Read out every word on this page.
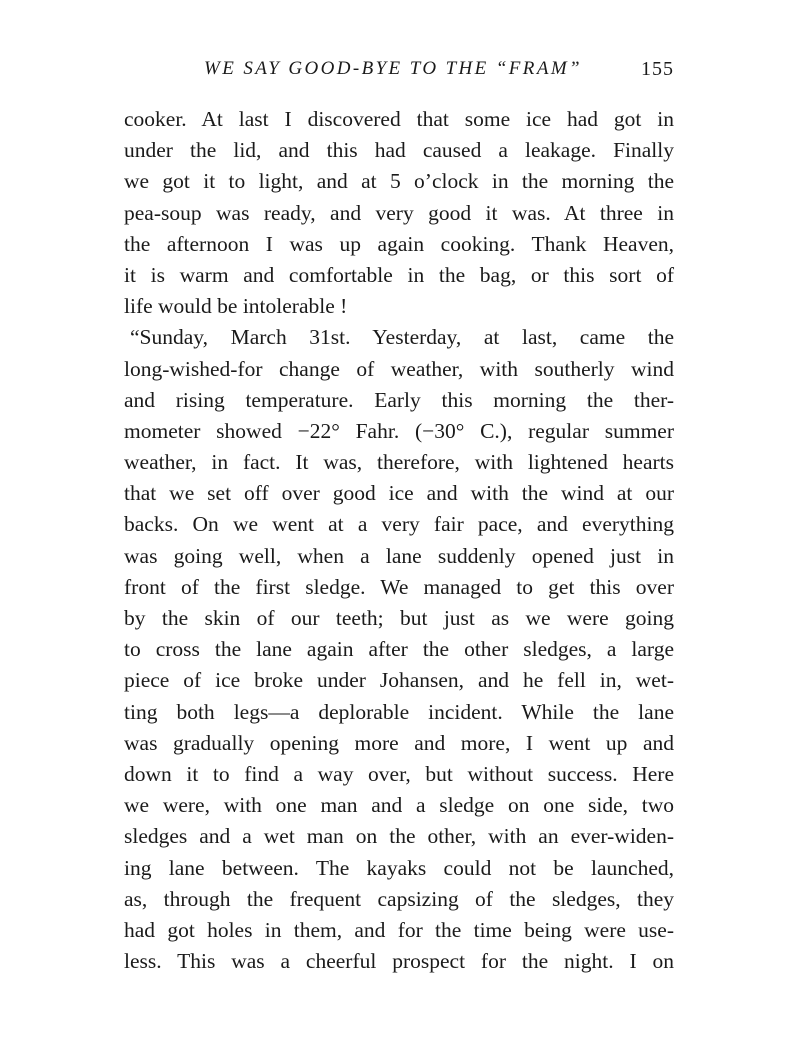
WE SAY GOOD-BYE TO THE “FRAM”	155
cooker. At last I discovered that some ice had got in
under the lid, and this had caused a leakage. Finally
we got it to light, and at 5 o’clock in the morning the
pea-soup was ready, and very good it was. At three in
the afternoon I was up again cooking. Thank Heaven,
it is warm and comfortable in the bag, or this sort of
life would be intolerable !
“Sunday, March 31st. Yesterday, at last, came the
long-wished-for change of weather, with southerly wind
and rising temperature. Early this morning the ther-
mometer showed −22° Fahr. (−30° C.), regular summer
weather, in fact. It was, therefore, with lightened hearts
that we set off over good ice and with the wind at our
backs. On we went at a very fair pace, and everything
was going well, when a lane suddenly opened just in
front of the first sledge. We managed to get this over
by the skin of our teeth; but just as we were going
to cross the lane again after the other sledges, a large
piece of ice broke under Johansen, and he fell in, wet-
ting both legs—a deplorable incident. While the lane
was gradually opening more and more, I went up and
down it to find a way over, but without success. Here
we were, with one man and a sledge on one side, two
sledges and a wet man on the other, with an ever-widen-
ing lane between. The kayaks could not be launched,
as, through the frequent capsizing of the sledges, they
had got holes in them, and for the time being were use-
less. This was a cheerful prospect for the night. I on
